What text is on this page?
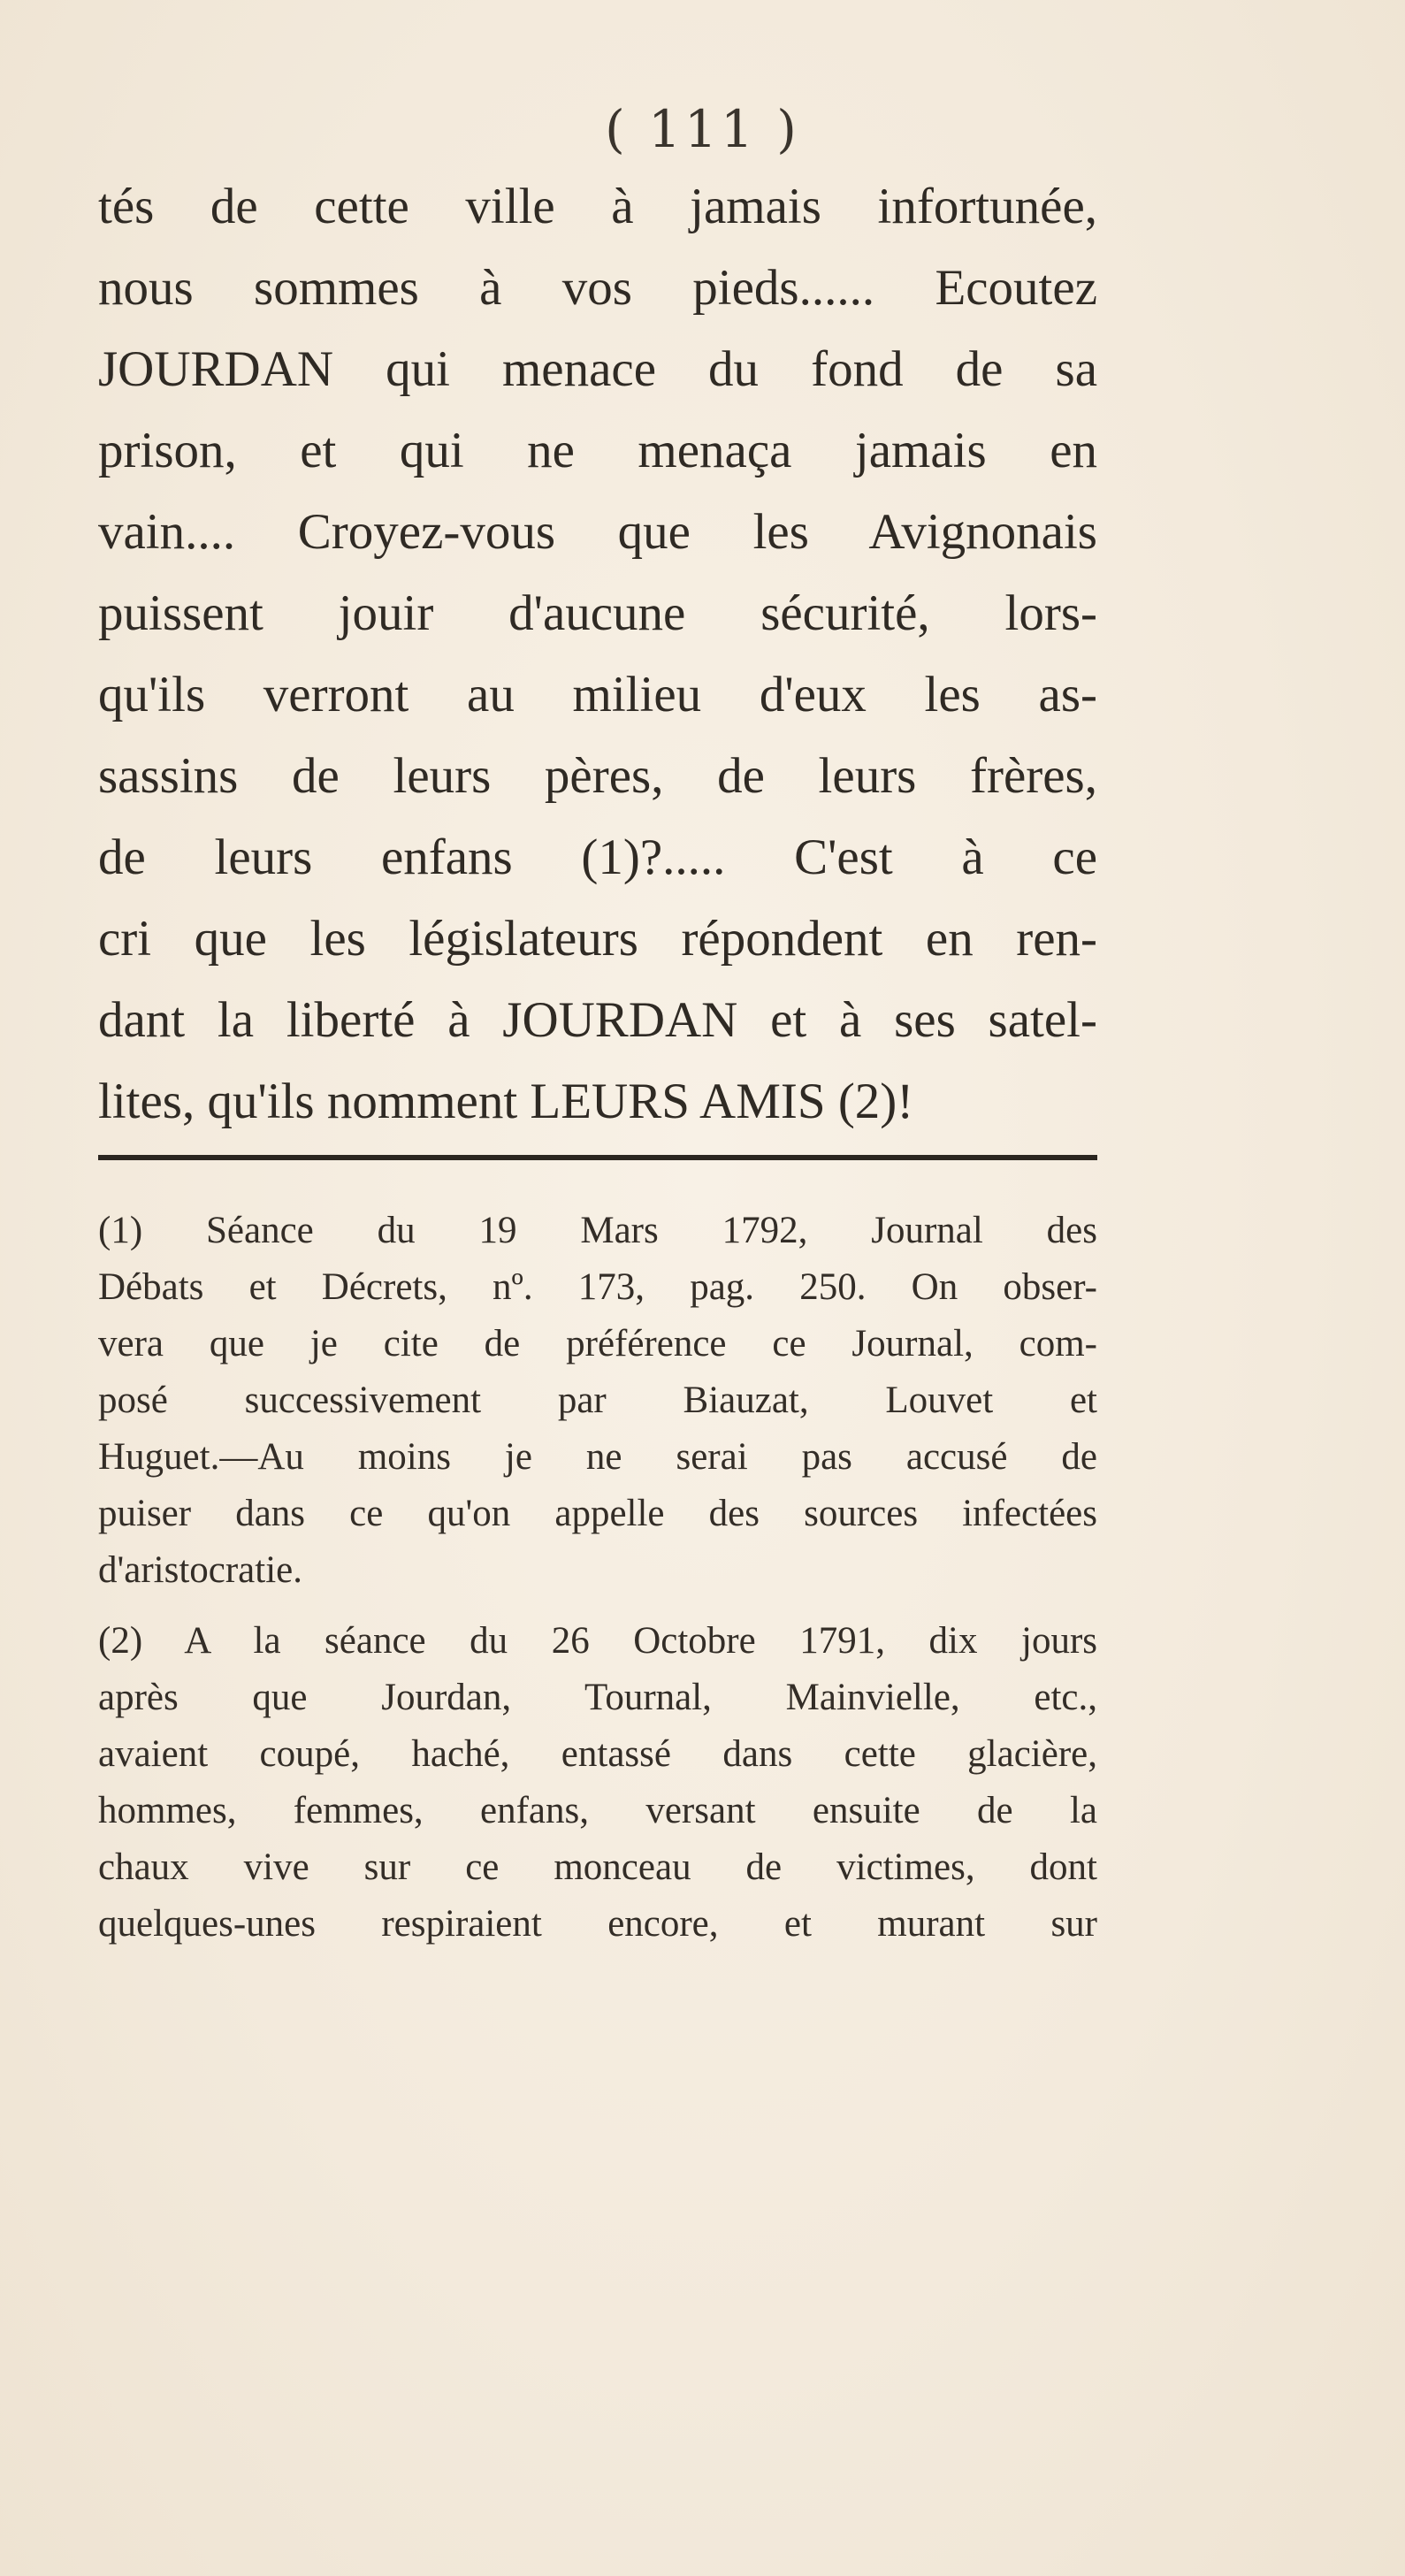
( 111 )
tés de cette ville à jamais infortunée,
nous sommes à vos pieds...... Ecoutez
JOURDAN qui menace du fond de sa
prison, et qui ne menaça jamais en
vain.... Croyez-vous que les Avignonais
puissent jouir d'aucune sécurité, lors-
qu'ils verront au milieu d'eux les as-
sassins de leurs pères, de leurs frères,
de leurs enfans (1)?..... C'est à ce
cri que les législateurs répondent en ren-
dant la liberté à JOURDAN et à ses satel-
lites, qu'ils nomment LEURS AMIS (2)!
(1) Séance du 19 Mars 1792, Journal des
Débats et Décrets, nº. 173, pag. 250. On obser-
vera que je cite de préférence ce Journal, com-
posé successivement par Biauzat, Louvet et
Huguet.—Au moins je ne serai pas accusé de
puiser dans ce qu'on appelle des sources infectées
d'aristocratie.
(2) A la séance du 26 Octobre 1791, dix jours
après que Jourdan, Tournal, Mainvielle, etc.,
avaient coupé, haché, entassé dans cette glacière,
hommes, femmes, enfans, versant ensuite de la
chaux vive sur ce monceau de victimes, dont
quelques-unes respiraient encore, et murant sur
